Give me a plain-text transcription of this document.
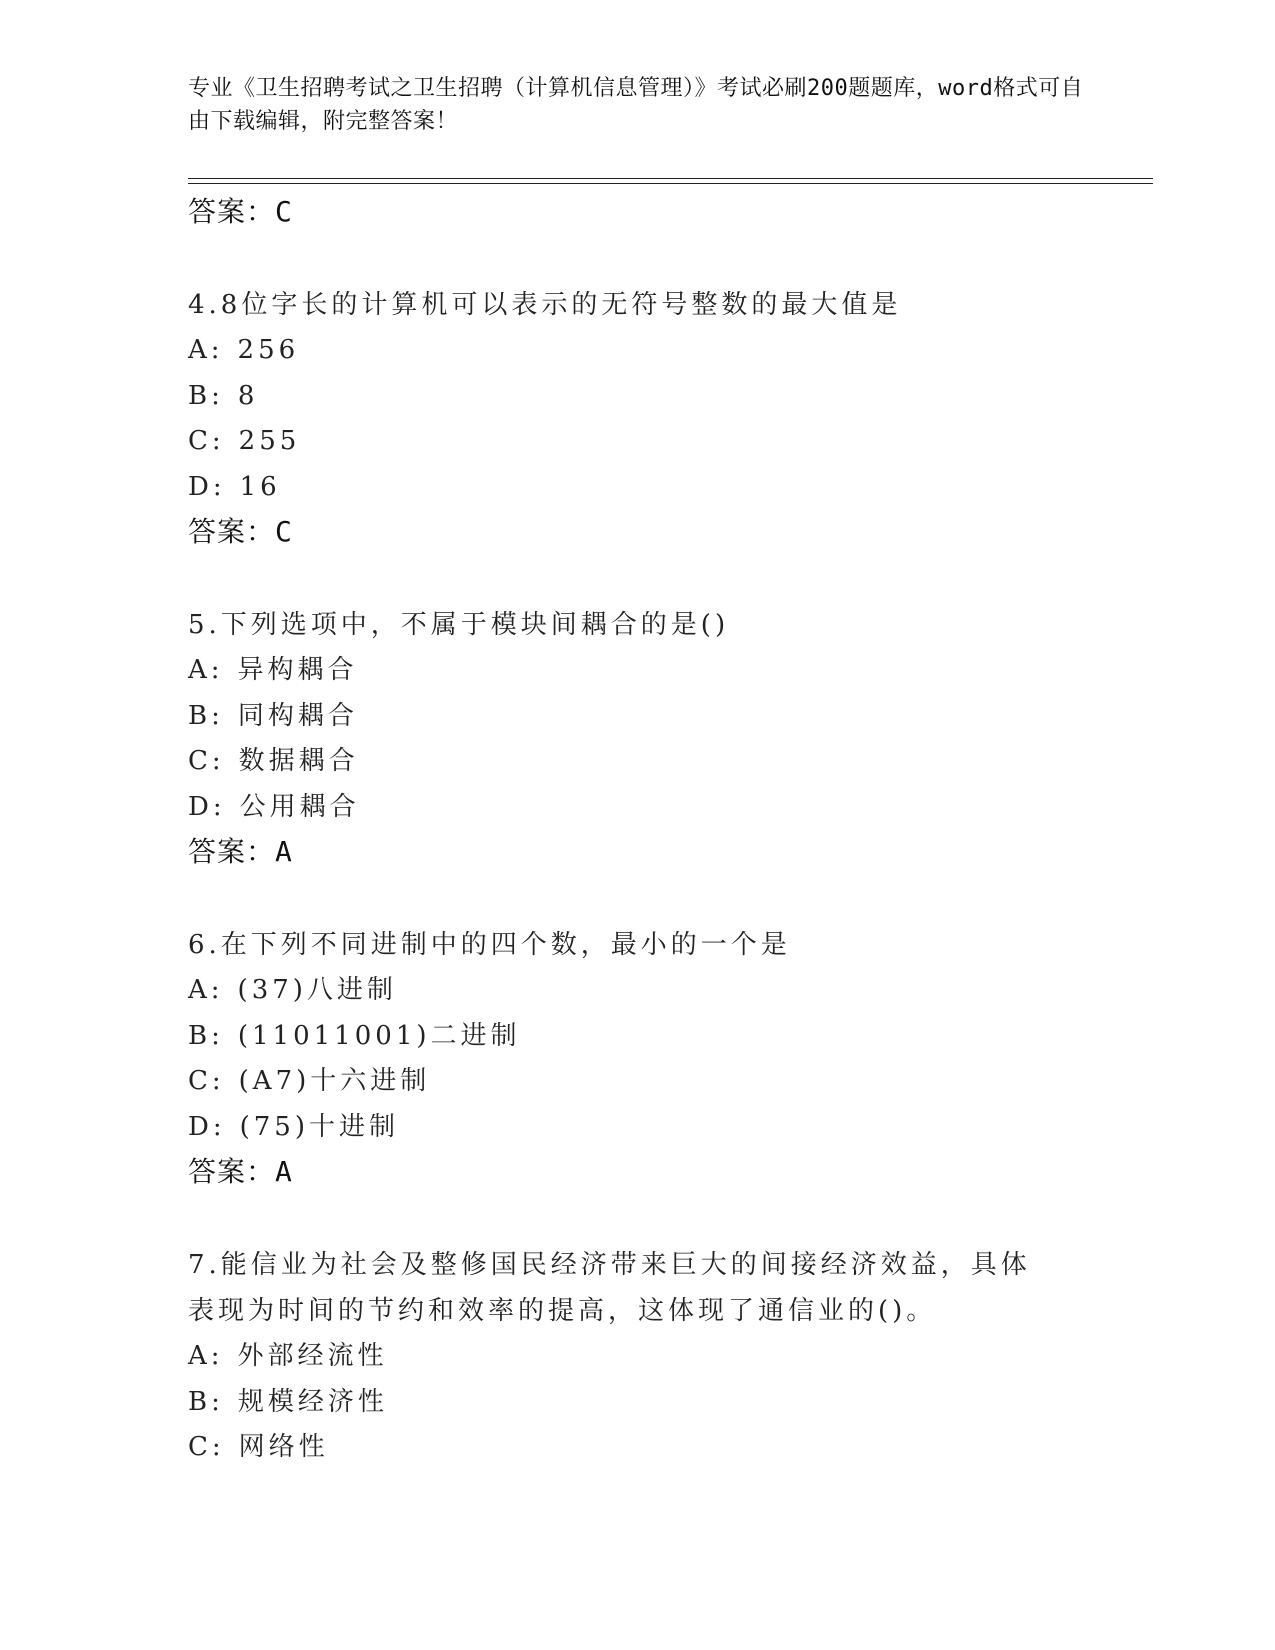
专业《卫生招聘考试之卫生招聘（计算机信息管理）》考试必刷200题题库，word格式可自由下载编辑，附完整答案！
答案：C
4.8位字长的计算机可以表示的无符号整数的最大值是
A: 256
B: 8
C: 255
D: 16
答案：C
5.下列选项中，不属于模块间耦合的是()
A: 异构耦合
B: 同构耦合
C: 数据耦合
D: 公用耦合
答案：A
6.在下列不同进制中的四个数，最小的一个是
A: (37)八进制
B: (11011001)二进制
C: (A7)十六进制
D: (75)十进制
答案：A
7.能信业为社会及整修国民经济带来巨大的间接经济效益，具体表现为时间的节约和效率的提高，这体现了通信业的()。
A: 外部经流性
B: 规模经济性
C: 网络性
